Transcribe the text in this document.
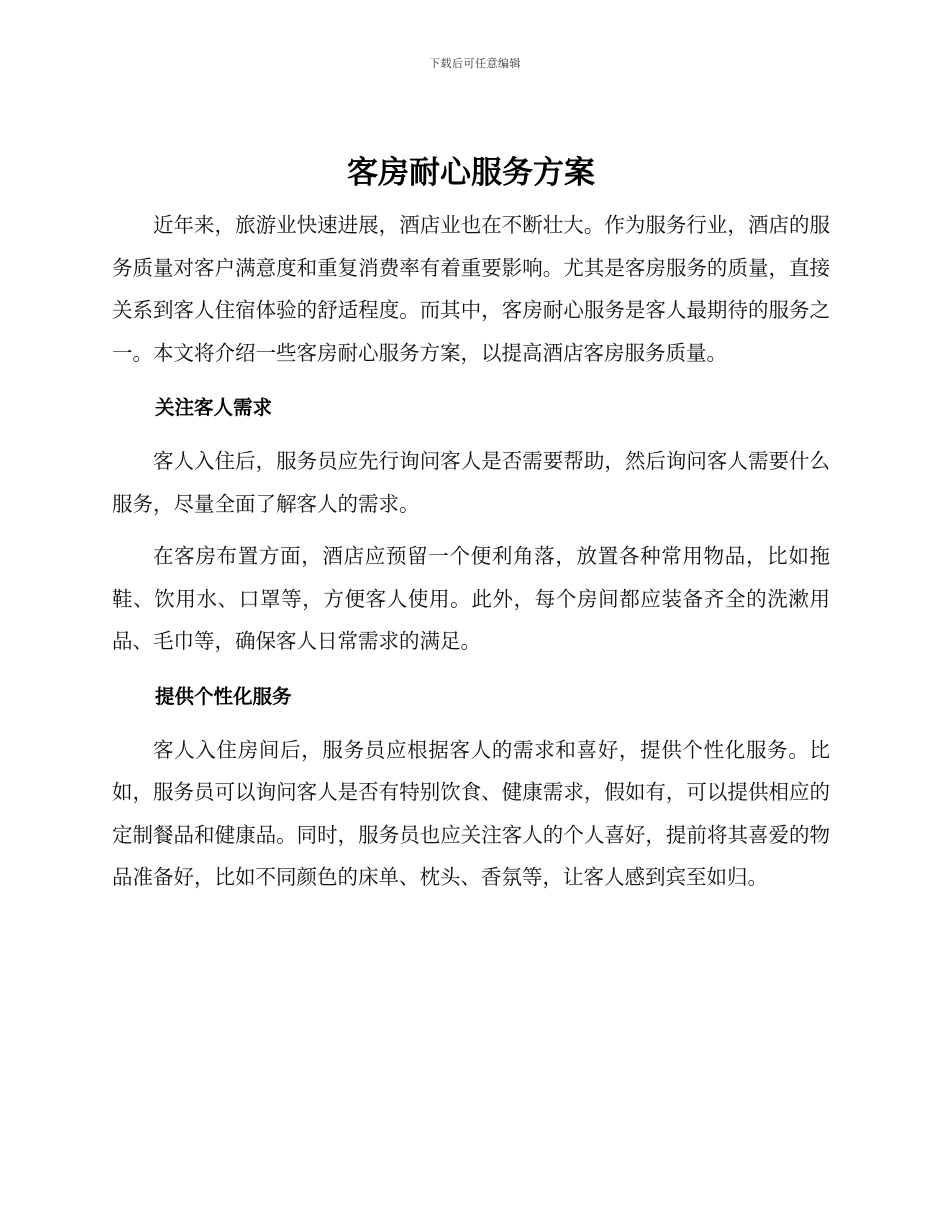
下载后可任意编辑
客房耐心服务方案

近年来，旅游业快速进展，酒店业也在不断壮大。作为服务行业，酒店的服务质量对客户满意度和重复消费率有着重要影响。尤其是客房服务的质量，直接关系到客人住宿体验的舒适程度。而其中，客房耐心服务是客人最期待的服务之一。本文将介绍一些客房耐心服务方案，以提高酒店客房服务质量。

关注客人需求

客人入住后，服务员应先行询问客人是否需要帮助，然后询问客人需要什么服务，尽量全面了解客人的需求。

在客房布置方面，酒店应预留一个便利角落，放置各种常用物品，比如拖鞋、饮用水、口罩等，方便客人使用。此外，每个房间都应装备齐全的洗漱用品、毛巾等，确保客人日常需求的满足。

提供个性化服务

客人入住房间后，服务员应根据客人的需求和喜好，提供个性化服务。比如，服务员可以询问客人是否有特别饮食、健康需求，假如有，可以提供相应的定制餐品和健康品。同时，服务员也应关注客人的个人喜好，提前将其喜爱的物品准备好，比如不同颜色的床单、枕头、香氛等，让客人感到宾至如归。
